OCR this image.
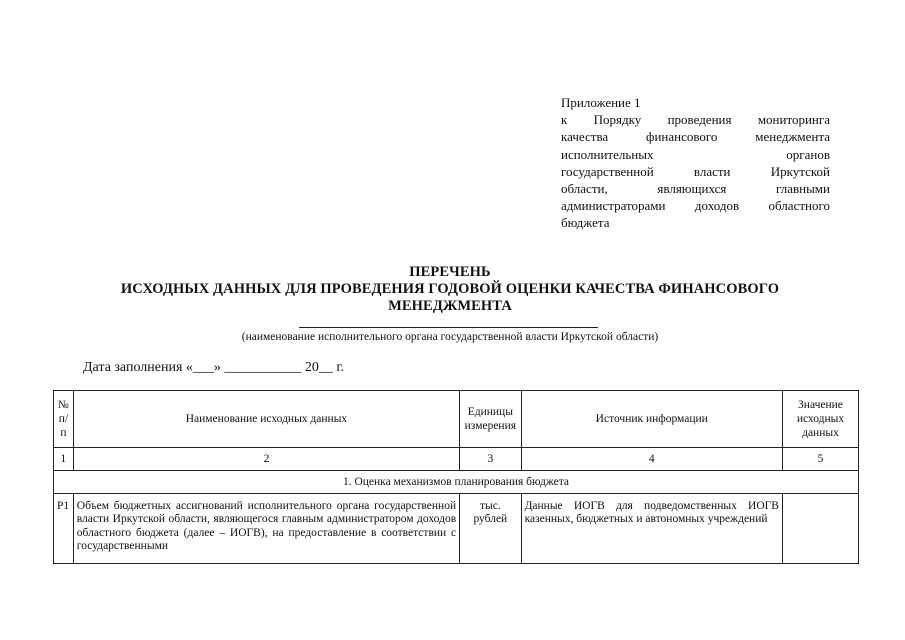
Приложение 1
к Порядку проведения мониторинга
качества финансового менеджмента
исполнительных органов
государственной власти Иркутской
области, являющихся главными
администраторами доходов областного
бюджета
ПЕРЕЧЕНЬ
ИСХОДНЫХ ДАННЫХ ДЛЯ ПРОВЕДЕНИЯ ГОДОВОЙ ОЦЕНКИ КАЧЕСТВА ФИНАНСОВОГО
МЕНЕДЖМЕНТА
(наименование исполнительного органа государственной власти Иркутской области)
Дата заполнения «___» ___________ 20__ г.
№ п/п	Наименование исходных данных	Единицы измерения	Источник информации	Значение исходных данных
1	2	3	4	5
1. Оценка механизмов планирования бюджета				
Р1	Объем бюджетных ассигнований исполнительного органа государственной власти Иркутской области, являющегося главным администратором доходов областного бюджета (далее – ИОГВ), на предоставление в соответствии с государственными	тыс. рублей	Данные ИОГВ для подведомственных ИОГВ казенных, бюджетных и автономных учреждений	
